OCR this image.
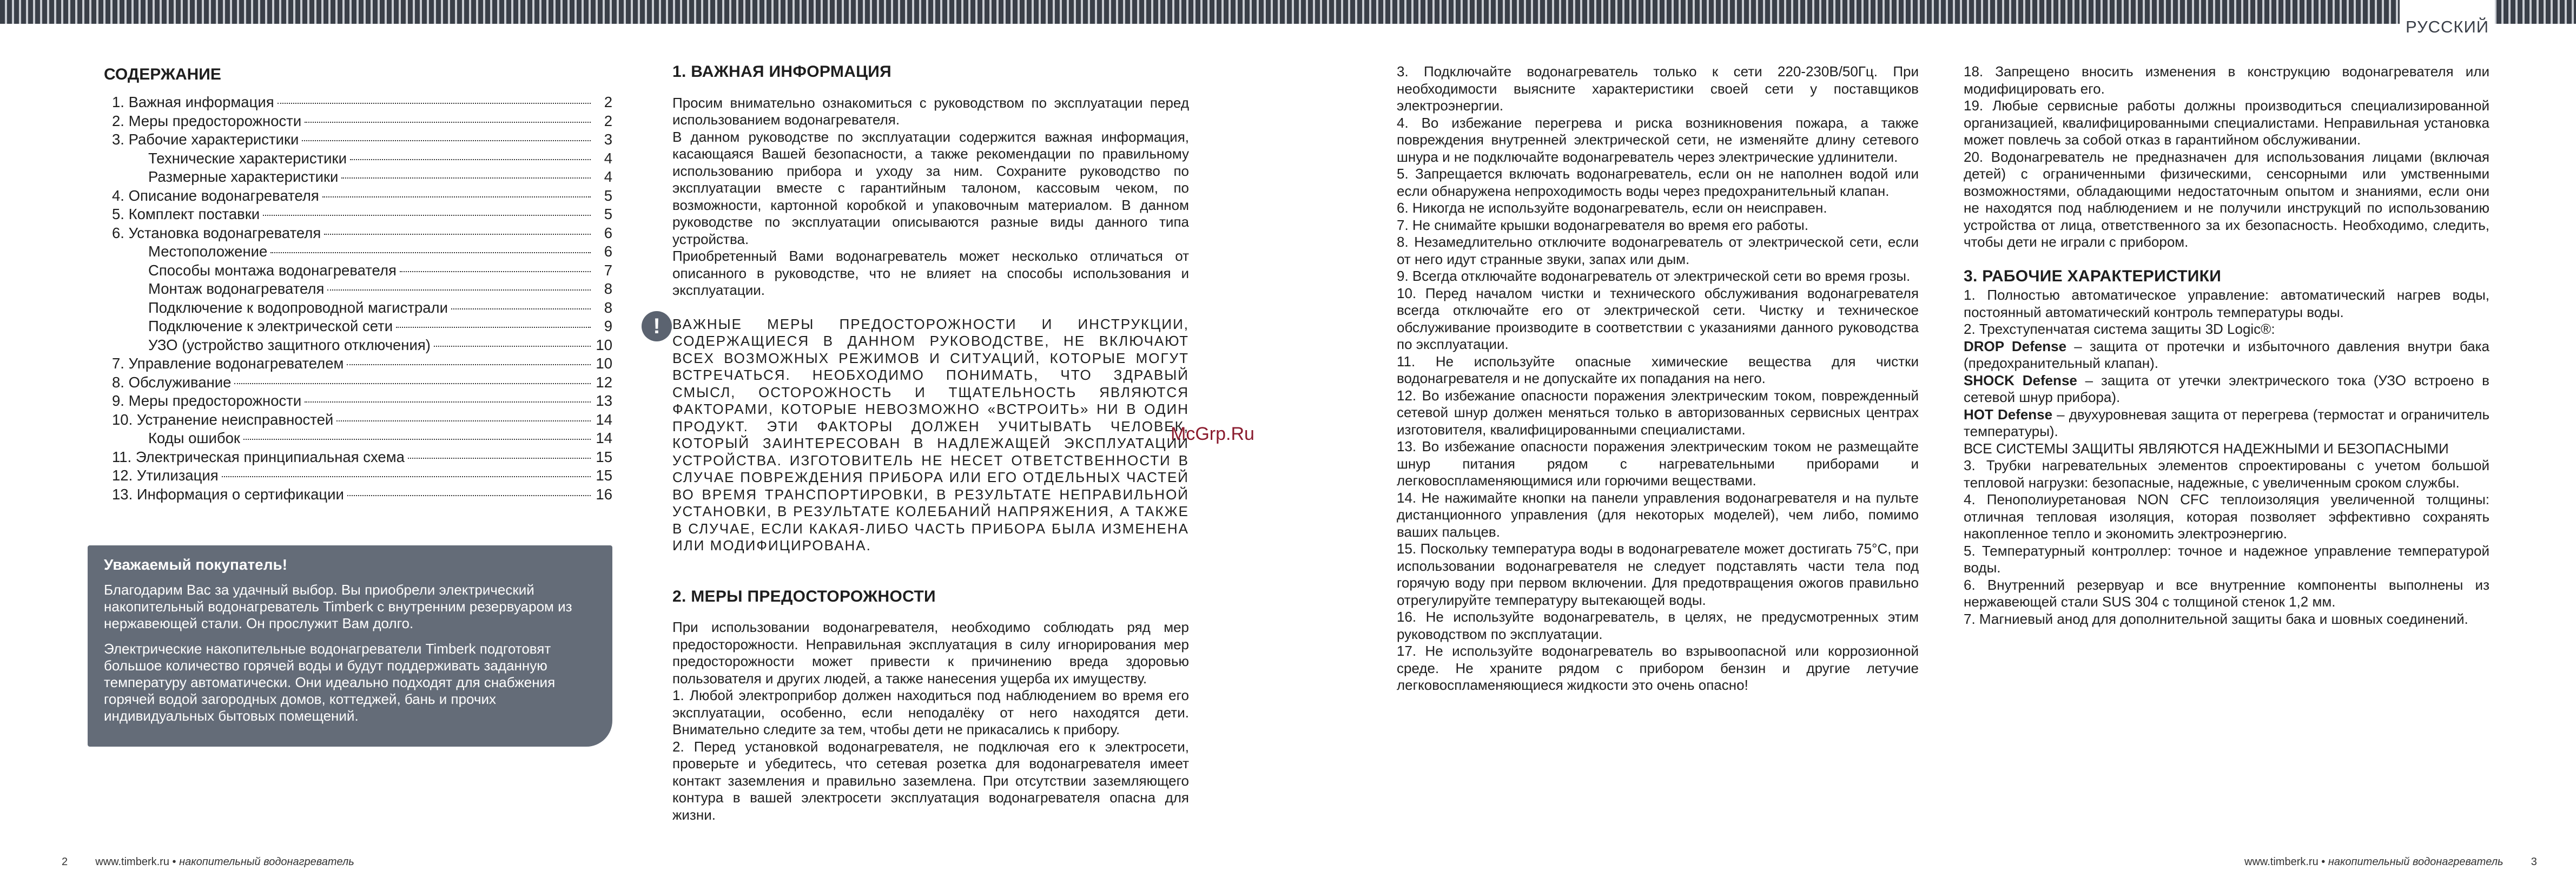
РУССКИЙ
СОДЕРЖАНИЕ
1. Важная информация	2
2. Меры предосторожности	2
3. Рабочие характеристики	3
Технические характеристики	4
Размерные характеристики	4
4. Описание водонагревателя	5
5. Комплект поставки	5
6. Установка водонагревателя	6
Местоположение	6
Способы монтажа водонагревателя	7
Монтаж водонагревателя	8
Подключение к водопроводной магистрали	8
Подключение к электрической сети	9
УЗО (устройство защитного отключения)	10
7. Управление водонагревателем	10
8. Обслуживание	12
9. Меры предосторожности	13
10. Устранение неисправностей	14
Коды ошибок	14
11. Электрическая принципиальная схема	15
12. Утилизация	15
13. Информация о сертификации	16
Уважаемый покупатель!

Благодарим Вас за удачный выбор. Вы приобрели электрический накопительный водонагреватель Timberk с внутренним резервуаром из нержавеющей стали. Он прослужит Вам долго.

Электрические накопительные водонагреватели Timberk подготовят большое количество горячей воды и будут поддерживать заданную температуру автоматически. Они идеально подходят для снабжения горячей водой загородных домов, коттеджей, бань и прочих индивидуальных бытовых помещений.

1. ВАЖНАЯ ИНФОРМАЦИЯ

Просим внимательно ознакомиться с руководством по эксплуатации перед использованием водонагревателя.

В данном руководстве по эксплуатации содержится важная информация, касающаяся Вашей безопасности, а также рекомендации по правильному использованию прибора и уходу за ним. Сохраните руководство по эксплуатации вместе с гарантийным талоном, кассовым чеком, по возможности, картонной коробкой и упаковочным материалом. В данном руководстве по эксплуатации описываются разные виды данного типа устройства.

Приобретенный Вами водонагреватель может несколько отличаться от описанного в руководстве, что не влияет на способы использования и эксплуатации.

ВАЖНЫЕ МЕРЫ ПРЕДОСТОРОЖНОСТИ И ИНСТРУКЦИИ, СОДЕРЖАЩИЕСЯ В ДАННОМ РУКОВОДСТВЕ, НЕ ВКЛЮЧАЮТ ВСЕХ ВОЗМОЖНЫХ РЕЖИМОВ И СИТУАЦИЙ, КОТОРЫЕ МОГУТ ВСТРЕЧАТЬСЯ. НЕОБХОДИМО ПОНИМАТЬ, ЧТО ЗДРАВЫЙ СМЫСЛ, ОСТОРОЖНОСТЬ И ТЩАТЕЛЬНОСТЬ ЯВЛЯЮТСЯ ФАКТОРАМИ, КОТОРЫЕ НЕВОЗМОЖНО «ВСТРОИТЬ» НИ В ОДИН ПРОДУКТ. ЭТИ ФАКТОРЫ ДОЛЖЕН УЧИТЫВАТЬ ЧЕЛОВЕК, КОТОРЫЙ ЗАИНТЕРЕСОВАН В НАДЛЕЖАЩЕЙ ЭКСПЛУАТАЦИИ УСТРОЙСТВА. ИЗГОТОВИТЕЛЬ НЕ НЕСЕТ ОТВЕТСТВЕННОСТИ В СЛУЧАЕ ПОВРЕЖДЕНИЯ ПРИБОРА ИЛИ ЕГО ОТДЕЛЬНЫХ ЧАСТЕЙ ВО ВРЕМЯ ТРАНСПОРТИРОВКИ, В РЕЗУЛЬТАТЕ НЕПРАВИЛЬНОЙ УСТАНОВКИ, В РЕЗУЛЬТАТЕ КОЛЕБАНИЙ НАПРЯЖЕНИЯ, А ТАКЖЕ В СЛУЧАЕ, ЕСЛИ КАКАЯ-ЛИБО ЧАСТЬ ПРИБОРА БЫЛА ИЗМЕНЕНА ИЛИ МОДИФИЦИРОВАНА.

2. МЕРЫ ПРЕДОСТОРОЖНОСТИ

При использовании водонагревателя, необходимо соблюдать ряд мер предосторожности. Неправильная эксплуатация в силу игнорирования мер предосторожности может привести к причинению вреда здоровью пользователя и других людей, а также нанесения ущерба их имуществу.

1. Любой электроприбор должен находиться под наблюдением во время его эксплуатации, особенно, если неподалёку от него находятся дети. Внимательно следите за тем, чтобы дети не прикасались к прибору.

2. Перед установкой водонагревателя, не подключая его к электросети, проверьте и убедитесь, что сетевая розетка для водонагревателя имеет контакт заземления и правильно заземлена. При отсутствии заземляющего контура в вашей электросети эксплуатация водонагревателя опасна для жизни.

!

3. Подключайте водонагреватель только к сети 220-230В/50Гц. При необходимости выясните характеристики своей сети у поставщиков электроэнергии.

4. Во избежание перегрева и риска возникновения пожара, а также повреждения внутренней электрической сети, не изменяйте длину сетевого шнура и не подключайте водонагреватель через электрические удлинители.

5. Запрещается включать водонагреватель, если он не наполнен водой или если обнаружена непроходимость воды через предохранительный клапан.

6. Никогда не используйте водонагреватель, если он неисправен.

7. Не снимайте крышки водонагревателя во время его работы.

8. Незамедлительно отключите водонагреватель от электрической сети, если от него идут странные звуки, запах или дым.

9. Всегда отключайте водонагреватель от электрической сети во время грозы.

10. Перед началом чистки и технического обслуживания водонагревателя всегда отключайте его от электрической сети. Чистку и техническое обслуживание производите в соответствии с указаниями данного руководства по эксплуатации.

11. Не используйте опасные химические вещества для чистки водонагревателя и не допускайте их попадания на него.

12. Во избежание опасности поражения электрическим током, поврежденный сетевой шнур должен меняться только в авторизованных сервисных центрах изготовителя, квалифицированными специалистами.

13. Во избежание опасности поражения электрическим током не размещайте шнур питания рядом с нагревательными приборами и легковоспламеняющимися или горючими веществами.

14. Не нажимайте кнопки на панели управления водонагревателя и на пульте дистанционного управления (для некоторых моделей), чем либо, помимо ваших пальцев.

15. Поскольку температура воды в водонагревателе может достигать 75°С, при использовании водонагревателя не следует подставлять части тела под горячую воду при первом включении. Для предотвращения ожогов правильно отрегулируйте температуру вытекающей воды.

16. Не используйте водонагреватель, в целях, не предусмотренных этим руководством по эксплуатации.

17. Не используйте водонагреватель во взрывоопасной или коррозионной среде. Не храните рядом с прибором бензин и другие летучие легковоспламеняющиеся жидкости это очень опасно!

18. Запрещено вносить изменения в конструкцию водонагревателя или модифицировать его.

19. Любые сервисные работы должны производиться специализированной организацией, квалифицированными специалистами. Неправильная установка может повлечь за собой отказ в гарантийном обслуживании.

20. Водонагреватель не предназначен для использования лицами (включая детей) с ограниченными физическими, сенсорными или умственными возможностями, обладающими недостаточным опытом и знаниями, если они не находятся под наблюдением и не получили инструкций по использованию устройства от лица, ответственного за их безопасность. Необходимо, следить, чтобы дети не играли с прибором.

3. РАБОЧИЕ ХАРАКТЕРИСТИКИ

1. Полностью автоматическое управление: автоматический нагрев воды, постоянный автоматический контроль температуры воды.

2. Трехступенчатая система защиты 3D Logic®:

DROP Defense – защита от протечки и избыточного давления внутри бака (предохранительный клапан).

SHOCK Defense – защита от утечки электрического тока (УЗО встроено в сетевой шнур прибора).

HOT Defense – двухуровневая защита от перегрева (термостат и ограничитель температуры).

ВСЕ СИСТЕМЫ ЗАЩИТЫ ЯВЛЯЮТСЯ НАДЕЖНЫМИ И БЕЗОПАСНЫМИ

3. Трубки нагревательных элементов спроектированы с учетом большой тепловой нагрузки: безопасные, надежные, с увеличенным сроком службы.

4. Пенополиуретановая NON CFC теплоизоляция увеличенной толщины: отличная тепловая изоляция, которая позволяет эффективно сохранять накопленное тепло и экономить электроэнергию.

5. Температурный контроллер: точное и надежное управление температурой воды.

6. Внутренний резервуар и все внутренние компоненты выполнены из нержавеющей стали SUS 304 с толщиной стенок 1,2 мм.

7. Магниевый анод для дополнительной защиты бака и шовных соединений.

McGrp.Ru
2	www.timberk.ru • накопительный водонагреватель	www.timberk.ru • накопительный водонагреватель	3
